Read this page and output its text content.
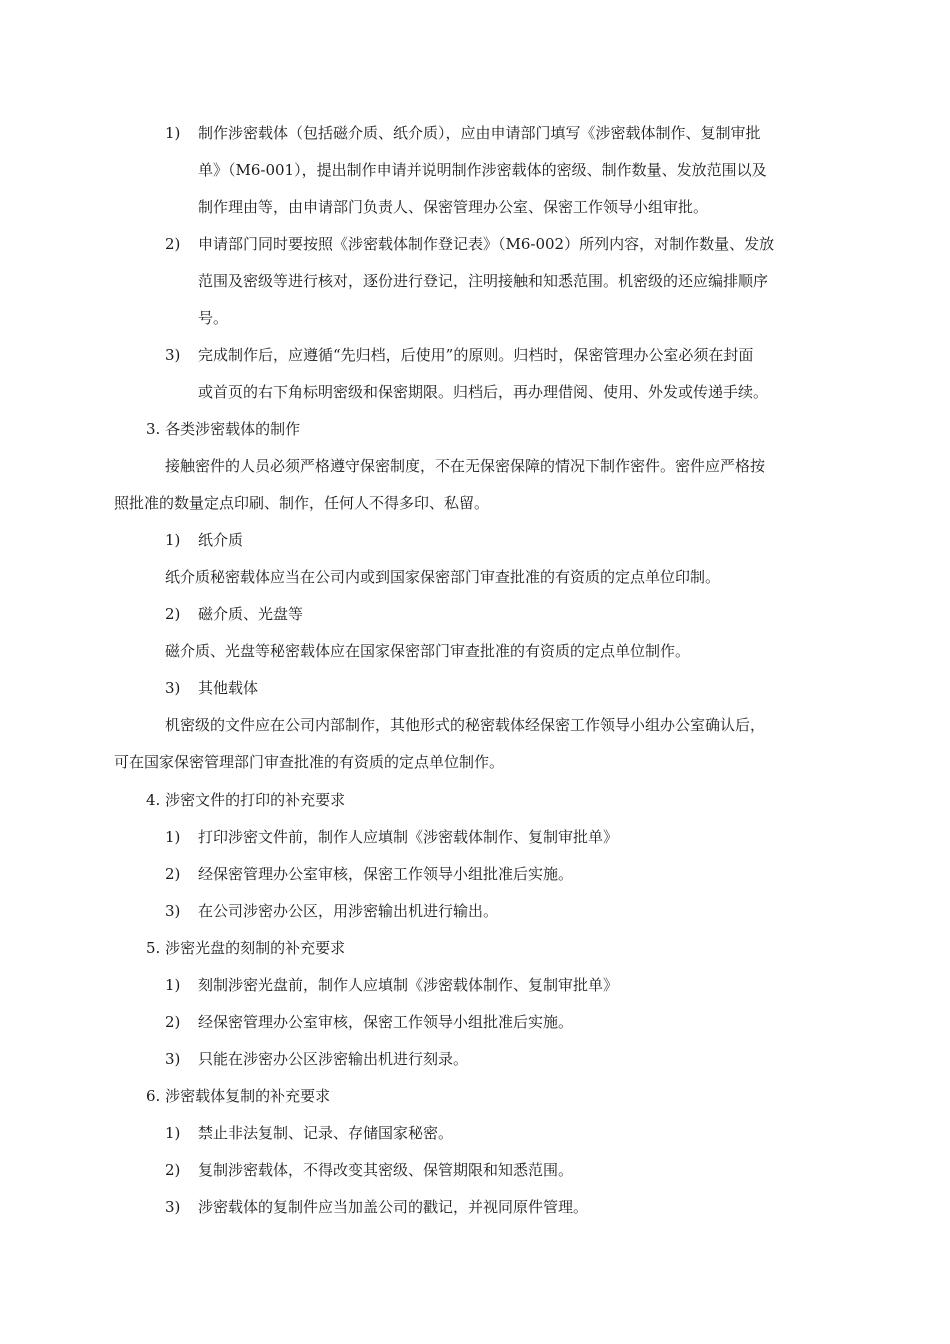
1) 制作涉密载体（包括磁介质、纸介质），应由申请部门填写《涉密载体制作、复制审批
单》（M6-001），提出制作申请并说明制作涉密载体的密级、制作数量、发放范围以及
制作理由等，由申请部门负责人、保密管理办公室、保密工作领导小组审批。
2) 申请部门同时要按照《涉密载体制作登记表》（M6-002）所列内容，对制作数量、发放
范围及密级等进行核对，逐份进行登记，注明接触和知悉范围。机密级的还应编排顺序
号。
3) 完成制作后，应遵循“先归档，后使用”的原则。归档时，保密管理办公室必须在封面
或首页的右下角标明密级和保密期限。归档后，再办理借阅、使用、外发或传递手续。
3. 各类涉密载体的制作
接触密件的人员必须严格遵守保密制度，不在无保密保障的情况下制作密件。密件应严格按
照批准的数量定点印刷、制作，任何人不得多印、私留。
1) 纸介质
纸介质秘密载体应当在公司内或到国家保密部门审查批准的有资质的定点单位印制。
2) 磁介质、光盘等
磁介质、光盘等秘密载体应在国家保密部门审查批准的有资质的定点单位制作。
3) 其他载体
机密级的文件应在公司内部制作，其他形式的秘密载体经保密工作领导小组办公室确认后，
可在国家保密管理部门审查批准的有资质的定点单位制作。
4. 涉密文件的打印的补充要求
1) 打印涉密文件前，制作人应填制《涉密载体制作、复制审批单》
2) 经保密管理办公室审核，保密工作领导小组批准后实施。
3) 在公司涉密办公区，用涉密输出机进行输出。
5. 涉密光盘的刻制的补充要求
1) 刻制涉密光盘前，制作人应填制《涉密载体制作、复制审批单》
2) 经保密管理办公室审核，保密工作领导小组批准后实施。
3) 只能在涉密办公区涉密输出机进行刻录。
6. 涉密载体复制的补充要求
1) 禁止非法复制、记录、存储国家秘密。
2) 复制涉密载体，不得改变其密级、保管期限和知悉范围。
3) 涉密载体的复制件应当加盖公司的戳记，并视同原件管理。
